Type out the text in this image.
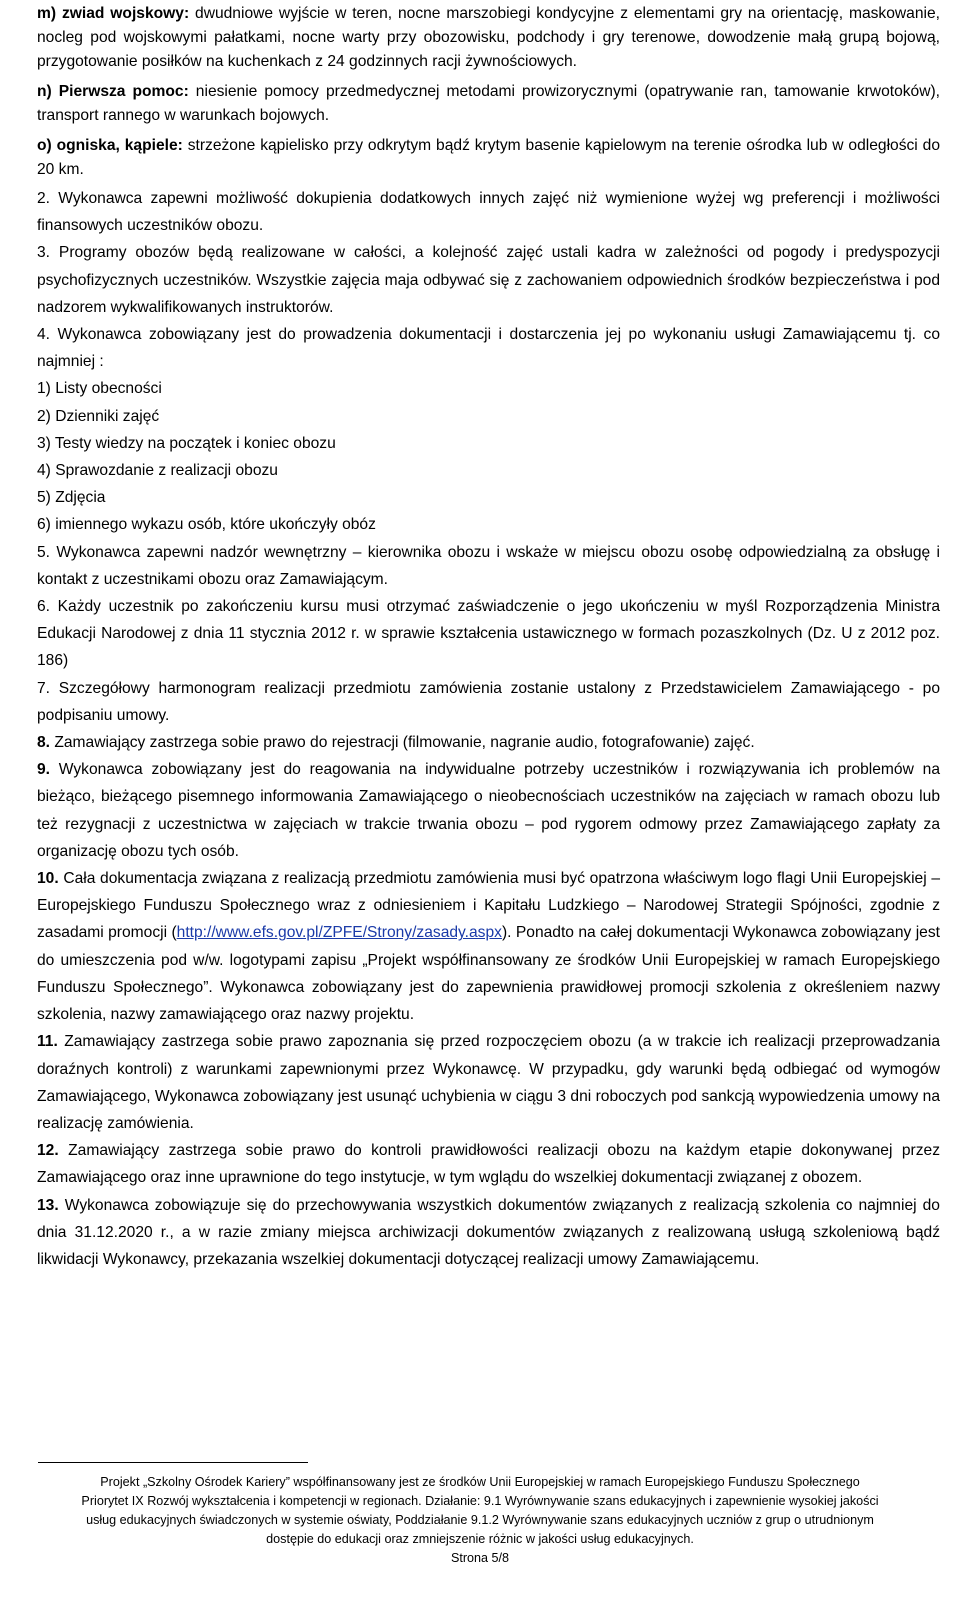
m) zwiad wojskowy: dwudniowe wyjście w teren, nocne marszobiegi kondycyjne z elementami gry na orientację, maskowanie, nocleg pod wojskowymi pałatkami, nocne warty przy obozowisku, podchody i gry terenowe, dowodzenie małą grupą bojową, przygotowanie posiłków na kuchenkach z 24 godzinnych racji żywnościowych.

n) Pierwsza pomoc: niesienie pomocy przedmedycznej metodami prowizorycznymi (opatrywanie ran, tamowanie krwotoków), transport rannego w warunkach bojowych.

o) ogniska, kąpiele: strzeżone kąpielisko przy odkrytym bądź krytym basenie kąpielowym na terenie ośrodka lub w odległości do 20 km.

2. Wykonawca zapewni możliwość dokupienia dodatkowych innych zajęć niż wymienione wyżej wg preferencji i możliwości finansowych uczestników obozu.

3. Programy obozów będą realizowane w całości, a kolejność zajęć ustali kadra w zależności od pogody i predyspozycji psychofizycznych uczestników. Wszystkie zajęcia maja odbywać się z zachowaniem odpowiednich środków bezpieczeństwa i pod nadzorem wykwalifikowanych instruktorów.

4. Wykonawca zobowiązany jest do prowadzenia dokumentacji i dostarczenia jej po wykonaniu usługi Zamawiającemu tj. co najmniej :

1) Listy obecności

2) Dzienniki zajęć

3) Testy wiedzy na początek i koniec obozu

4) Sprawozdanie z realizacji obozu

5) Zdjęcia

6) imiennego wykazu osób, które ukończyły obóz

5. Wykonawca zapewni nadzór wewnętrzny – kierownika obozu i wskaże w miejscu obozu osobę odpowiedzialną za obsługę i kontakt z uczestnikami obozu oraz Zamawiającym.

6. Każdy uczestnik po zakończeniu kursu musi otrzymać zaświadczenie o jego ukończeniu w myśl Rozporządzenia Ministra Edukacji Narodowej z dnia 11 stycznia 2012 r. w sprawie kształcenia ustawicznego w formach pozaszkolnych (Dz. U z 2012 poz. 186)

7. Szczegółowy harmonogram realizacji przedmiotu zamówienia zostanie ustalony z Przedstawicielem Zamawiającego - po podpisaniu umowy.

8. Zamawiający zastrzega sobie prawo do rejestracji (filmowanie, nagranie audio, fotografowanie) zajęć.

9. Wykonawca zobowiązany jest do reagowania na indywidualne potrzeby uczestników i rozwiązywania ich problemów na bieżąco, bieżącego pisemnego informowania Zamawiającego o nieobecnościach uczestników na zajęciach w ramach obozu lub też rezygnacji z uczestnictwa w zajęciach w trakcie trwania obozu – pod rygorem odmowy przez Zamawiającego zapłaty za organizację obozu tych osób.

10. Cała dokumentacja związana z realizacją przedmiotu zamówienia musi być opatrzona właściwym logo flagi Unii Europejskiej – Europejskiego Funduszu Społecznego wraz z odniesieniem i Kapitału Ludzkiego – Narodowej Strategii Spójności, zgodnie z zasadami promocji (http://www.efs.gov.pl/ZPFE/Strony/zasady.aspx). Ponadto na całej dokumentacji Wykonawca zobowiązany jest do umieszczenia pod w/w. logotypami zapisu „Projekt współfinansowany ze środków Unii Europejskiej w ramach Europejskiego Funduszu Społecznego”. Wykonawca zobowiązany jest do zapewnienia prawidłowej promocji szkolenia z określeniem nazwy szkolenia, nazwy zamawiającego oraz nazwy projektu.

11. Zamawiający zastrzega sobie prawo zapoznania się przed rozpoczęciem obozu (a w trakcie ich realizacji przeprowadzania doraźnych kontroli) z warunkami zapewnionymi przez Wykonawcę. W przypadku, gdy warunki będą odbiegać od wymogów Zamawiającego, Wykonawca zobowiązany jest usunąć uchybienia w ciągu 3 dni roboczych pod sankcją wypowiedzenia umowy na realizację zamówienia.

12. Zamawiający zastrzega sobie prawo do kontroli prawidłowości realizacji obozu na każdym etapie dokonywanej przez Zamawiającego oraz inne uprawnione do tego instytucje, w tym wglądu do wszelkiej dokumentacji związanej z obozem.

13. Wykonawca zobowiązuje się do przechowywania wszystkich dokumentów związanych z realizacją szkolenia co najmniej do dnia 31.12.2020 r., a w razie zmiany miejsca archiwizacji dokumentów związanych z realizowaną usługą szkoleniową bądź likwidacji Wykonawcy, przekazania wszelkiej dokumentacji dotyczącej realizacji umowy Zamawiającemu.

Projekt „Szkolny Ośrodek Kariery” współfinansowany jest ze środków Unii Europejskiej w ramach Europejskiego Funduszu Społecznego
Priorytet IX Rozwój wykształcenia i kompetencji w regionach. Działanie: 9.1 Wyrównywanie szans edukacyjnych i zapewnienie wysokiej jakości
usług edukacyjnych świadczonych w systemie oświaty, Poddziałanie 9.1.2 Wyrównywanie szans edukacyjnych uczniów z grup o utrudnionym
dostępie do edukacji oraz zmniejszenie różnic w jakości usług edukacyjnych.
Strona 5/8
